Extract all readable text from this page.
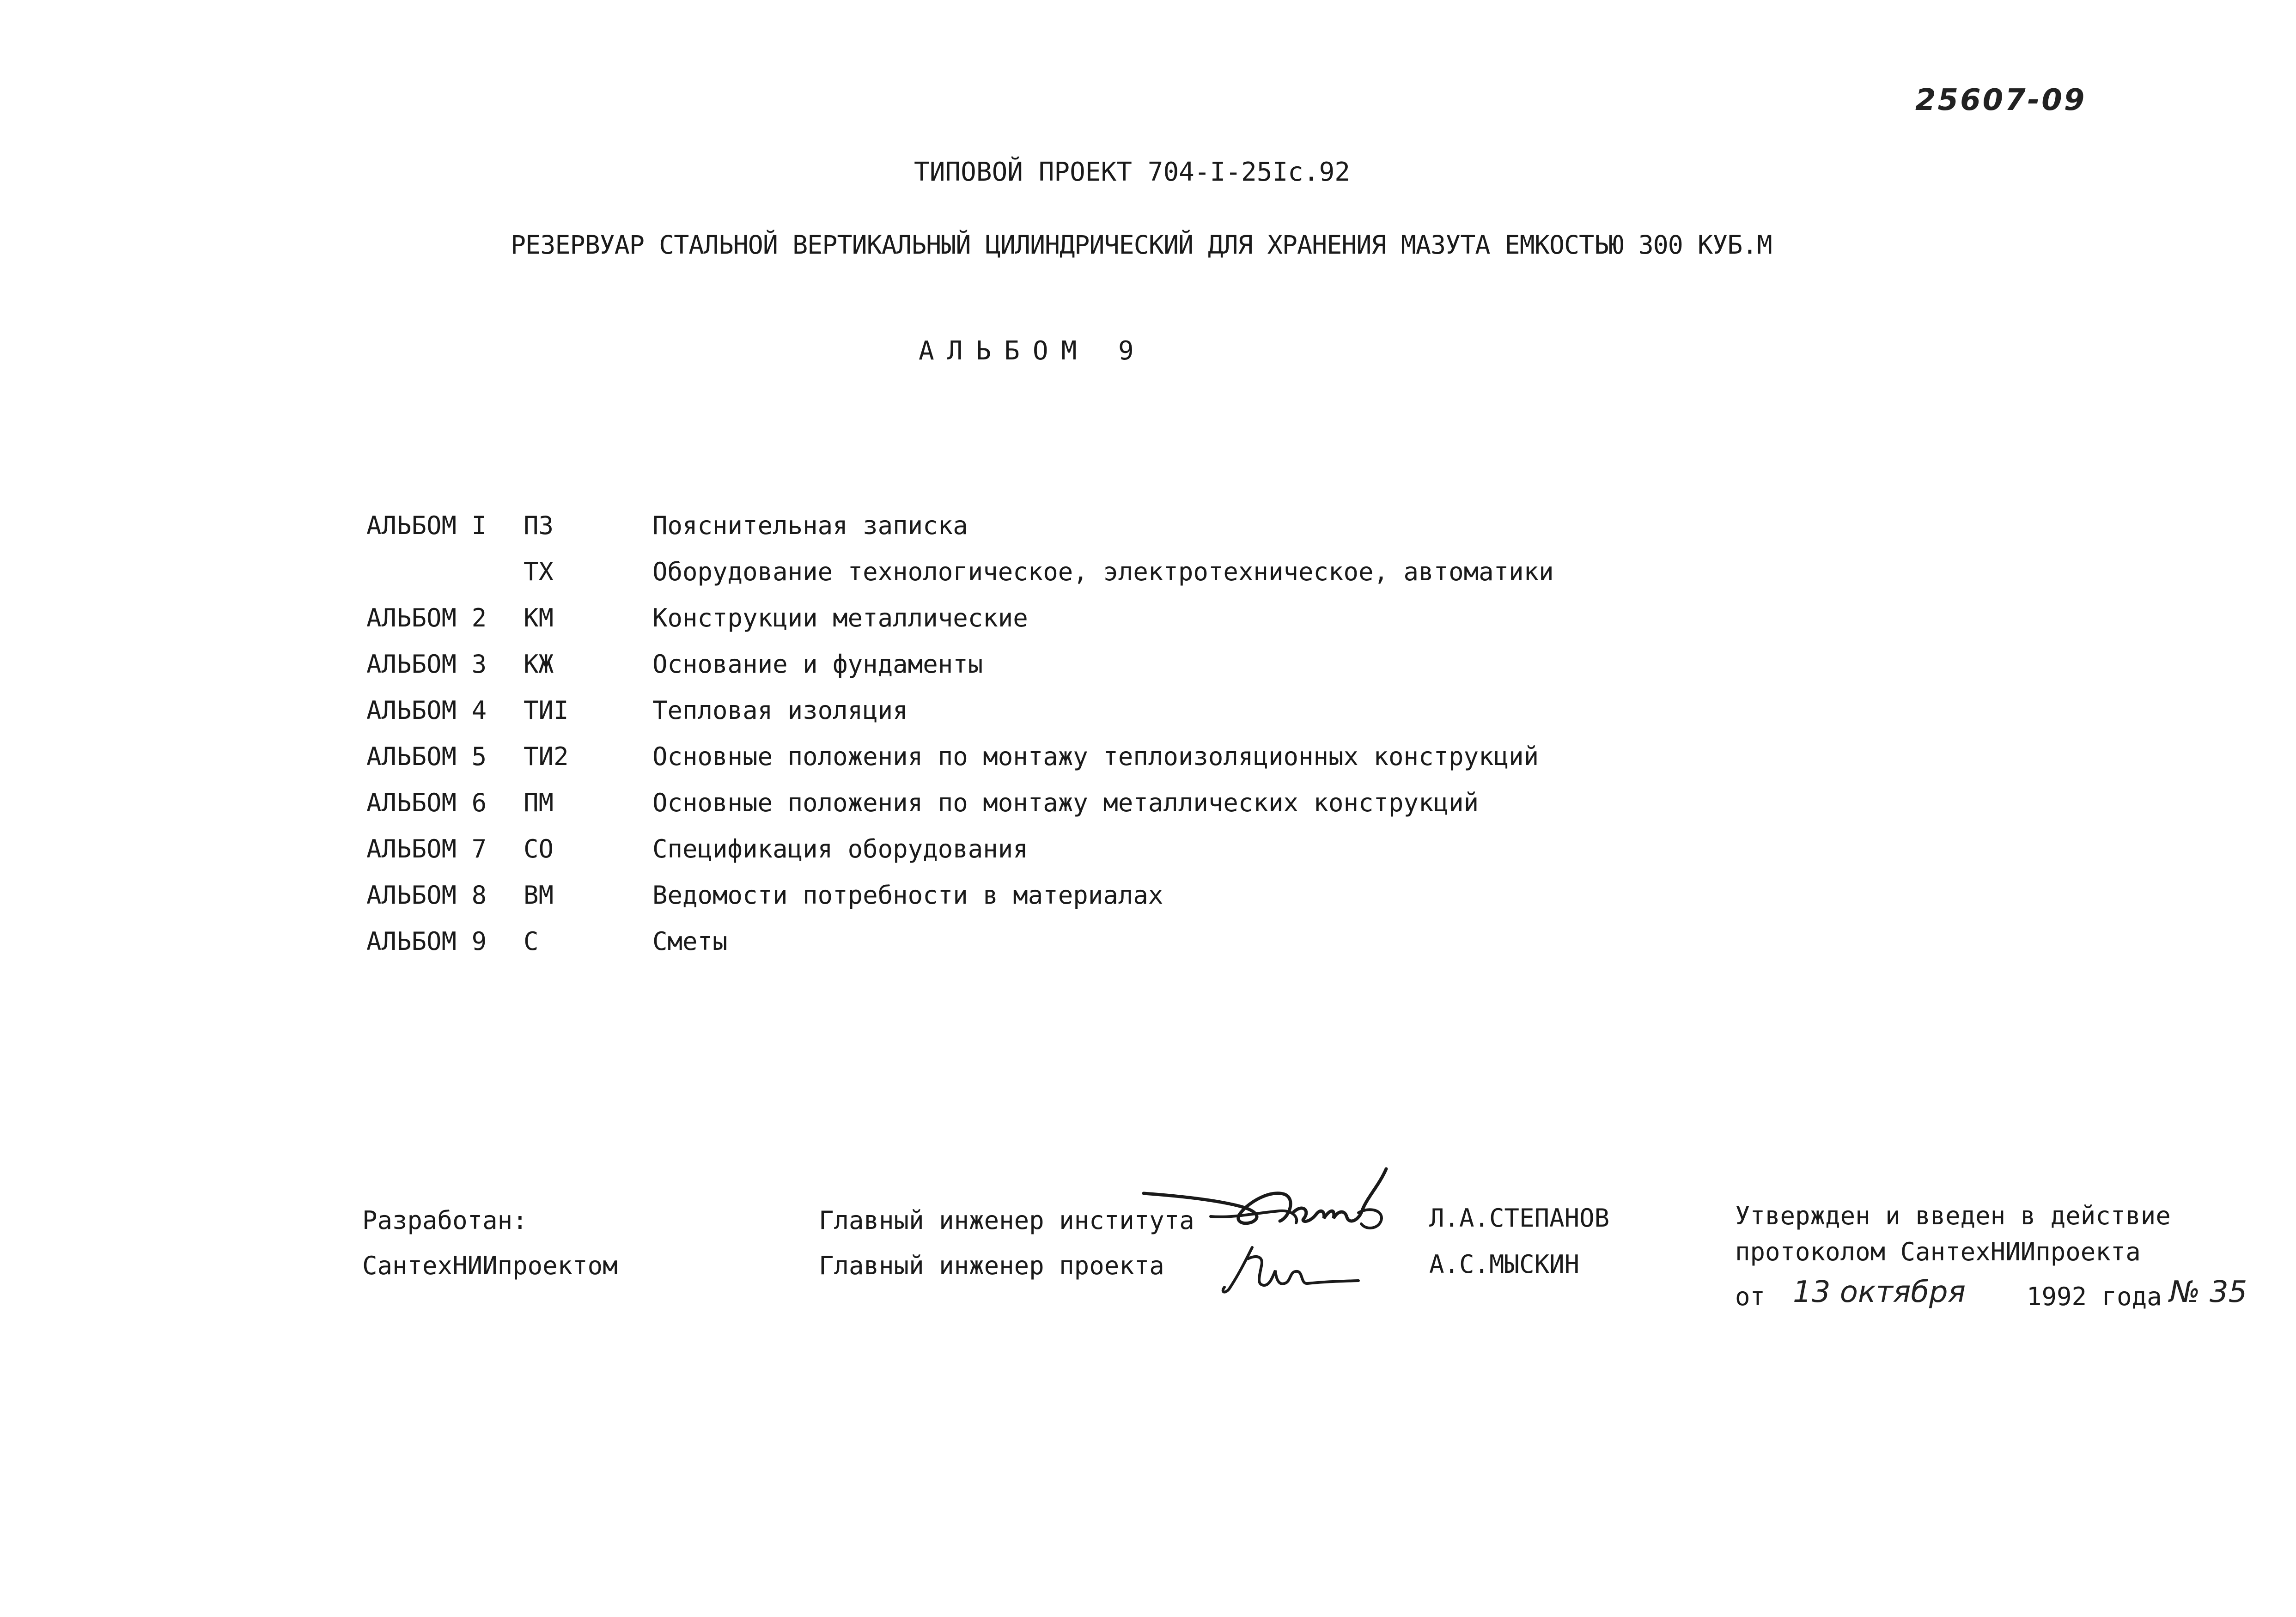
25607-09
ТИПОВОЙ ПРОЕКТ 704-I-25Iс.92
РЕЗЕРВУАР СТАЛЬНОЙ ВЕРТИКАЛЬНЫЙ ЦИЛИНДРИЧЕСКИЙ ДЛЯ ХРАНЕНИЯ МАЗУТА ЕМКОСТЬЮ 300 КУБ.М
АЛЬБОМ 9
АЛЬБОМ I ПЗ	Пояснительная записка
ТХ	Оборудование технологическое, электротехническое, автоматики
АЛЬБОМ 2 КМ	Конструкции металлические
АЛЬБОМ 3 КЖ	Основание и фундаменты
АЛЬБОМ 4 ТИI	Тепловая изоляция
АЛЬБОМ 5 ТИ2	Основные положения по монтажу теплоизоляционных конструкций
АЛЬБОМ 6 ПМ	Основные положения по монтажу металлических конструкций
АЛЬБОМ 7 СО	Спецификация оборудования
АЛЬБОМ 8 ВМ	Ведомости потребности в материалах
АЛЬБОМ 9 С	Сметы
Разработан:
СантехНИИпроектом
Главный инженер института
Главный инженер проекта
Л.А.СТЕПАНОВ
А.С.МЫСКИН
Утвержден и введен в действие
протоколом СантехНИИпроекта
от 13 октября 1992 года № 35
